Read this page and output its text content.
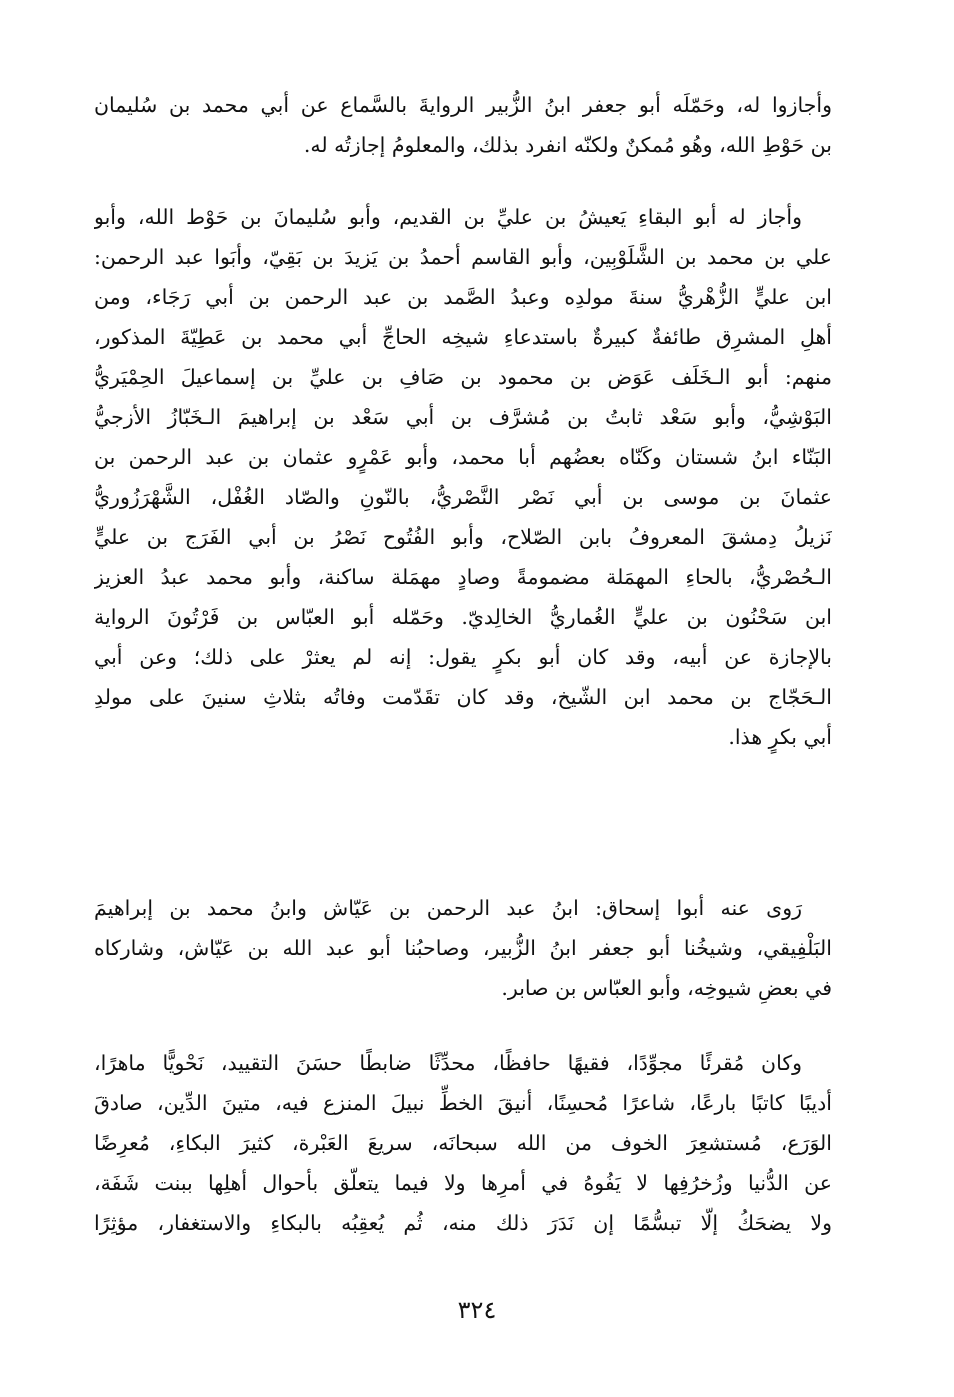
وأجازوا له، وحَمّلَه أبو جعفر ابنُ الزُّبير الروايةَ بالسَّماع عن أبي محمد بن سُليمان
بن حَوْطِ الله، وهُو مُمكنٌ ولكنّه انفرد بذلك، والمعلومُ إجازتُه له.
وأجاز له أبو البقاءِ يَعيشُ بن عليِّ بن القديم، وأبو سُليمانَ بن حَوْط الله، وأبو
علي بن محمد بن الشَّلَوْبِين، وأبو القاسم أحمدُ بن يَزيدَ بن بَقِيّ، وأبَوا عبد الرحمن:
ابن عليٍّ الزُّهْريُّ سنةَ مولدِه وعبدُ الصَّمد بن عبد الرحمن بن أبي رَجَاء، ومن
أهلِ المشرِق طائفةٌ كبيرةٌ باستدعاءِ شيخِه الحاجِّ أبي محمد بن عَطِيّةَ المذكور،
منهم: أبو الـخَلَف عَوَض بن محمود بن صَافِ بن عليِّ بن إسماعيلَ الحِمْيَريُّ
البَوْشِيُّ، وأبو سَعْد ثابتُ بن مُشرَّف بن أبي سَعْد بن إبراهيمَ الـخَبّازُ الأزجيُّ
البَنّاء ابنُ شستان وكَنّاه بعضُهم أبا محمد، وأبو عَمْرٍو عثمان بن عبد الرحمن بن
عثمانَ بن موسى بن أبي نَصْر النَّصْريُّ، بالنّونِ والصّاد الغُفْل، الشَّهْرَزُوريُّ
نَزيلُ دِمشقَ المعروفُ بابن الصّلاح، وأبو الفُتُوح نَصْرُ بن أبي الفَرَج بن عليٍّ
الـحُصْريُّ، بالحاءِ المهمَلة مضمومةً وصادٍ مهمَلة ساكنة، وأبو محمد عبدُ العزيز
ابن سَحْنُون بن عليٍّ الغُماريُّ الخالِديّ. وحَمّله أبو العبّاس بن فَرْتُونَ الرواية
بالإجازة عن أبيه، وقد كان أبو بكرٍ يقول: إنه لم يعثرْ على ذلك؛ وعن أبي
الـحَجّاج بن محمد ابن الشّيخ، وقد كان تقَدّمت وفاتُه بثلاثِ سنينَ على مولدِ
أبي بكرٍ هذا.
رَوى عنه أبوا إسحاق: ابنُ عبد الرحمن بن عَيّاش وابنُ محمد بن إبراهيمَ
البَلْفِيقي، وشيخُنا أبو جعفر ابنُ الزُّبير، وصاحبُنا أبو عبد الله بن عَيّاش، وشاركاه
في بعضِ شيوخِه، وأبو العبّاس بن صابر.
وكان مُقرئًا مجوِّدًا، فقيهًا حافظًا، محدِّثًا ضابطًا حسَنَ التقييد، نَحْويًّا ماهرًا،
أديبًا كاتبًا بارعًا، شاعرًا مُحسِنًا، أنيقَ الخطِّ نبيلَ المنزع فيه، متينَ الدِّين، صادقَ
الوَرَع، مُستشعِرَ الخوف من الله سبحانَه، سريعَ العَبْرة، كثيرَ البكاءِ، مُعرِضًا
عن الدُّنيا وزُخرُفِها لا يَفُوهُ في أمرِها ولا فيما يتعلّق بأحوال أهلِها ببنت شَفَة،
ولا يضحَكُ إلّا تبسُّمًا إن نَدَرَ ذلك منه، ثُم يُعقِبُه بالبكاءِ والاستغفار، مؤثِرًا
٣٢٤
